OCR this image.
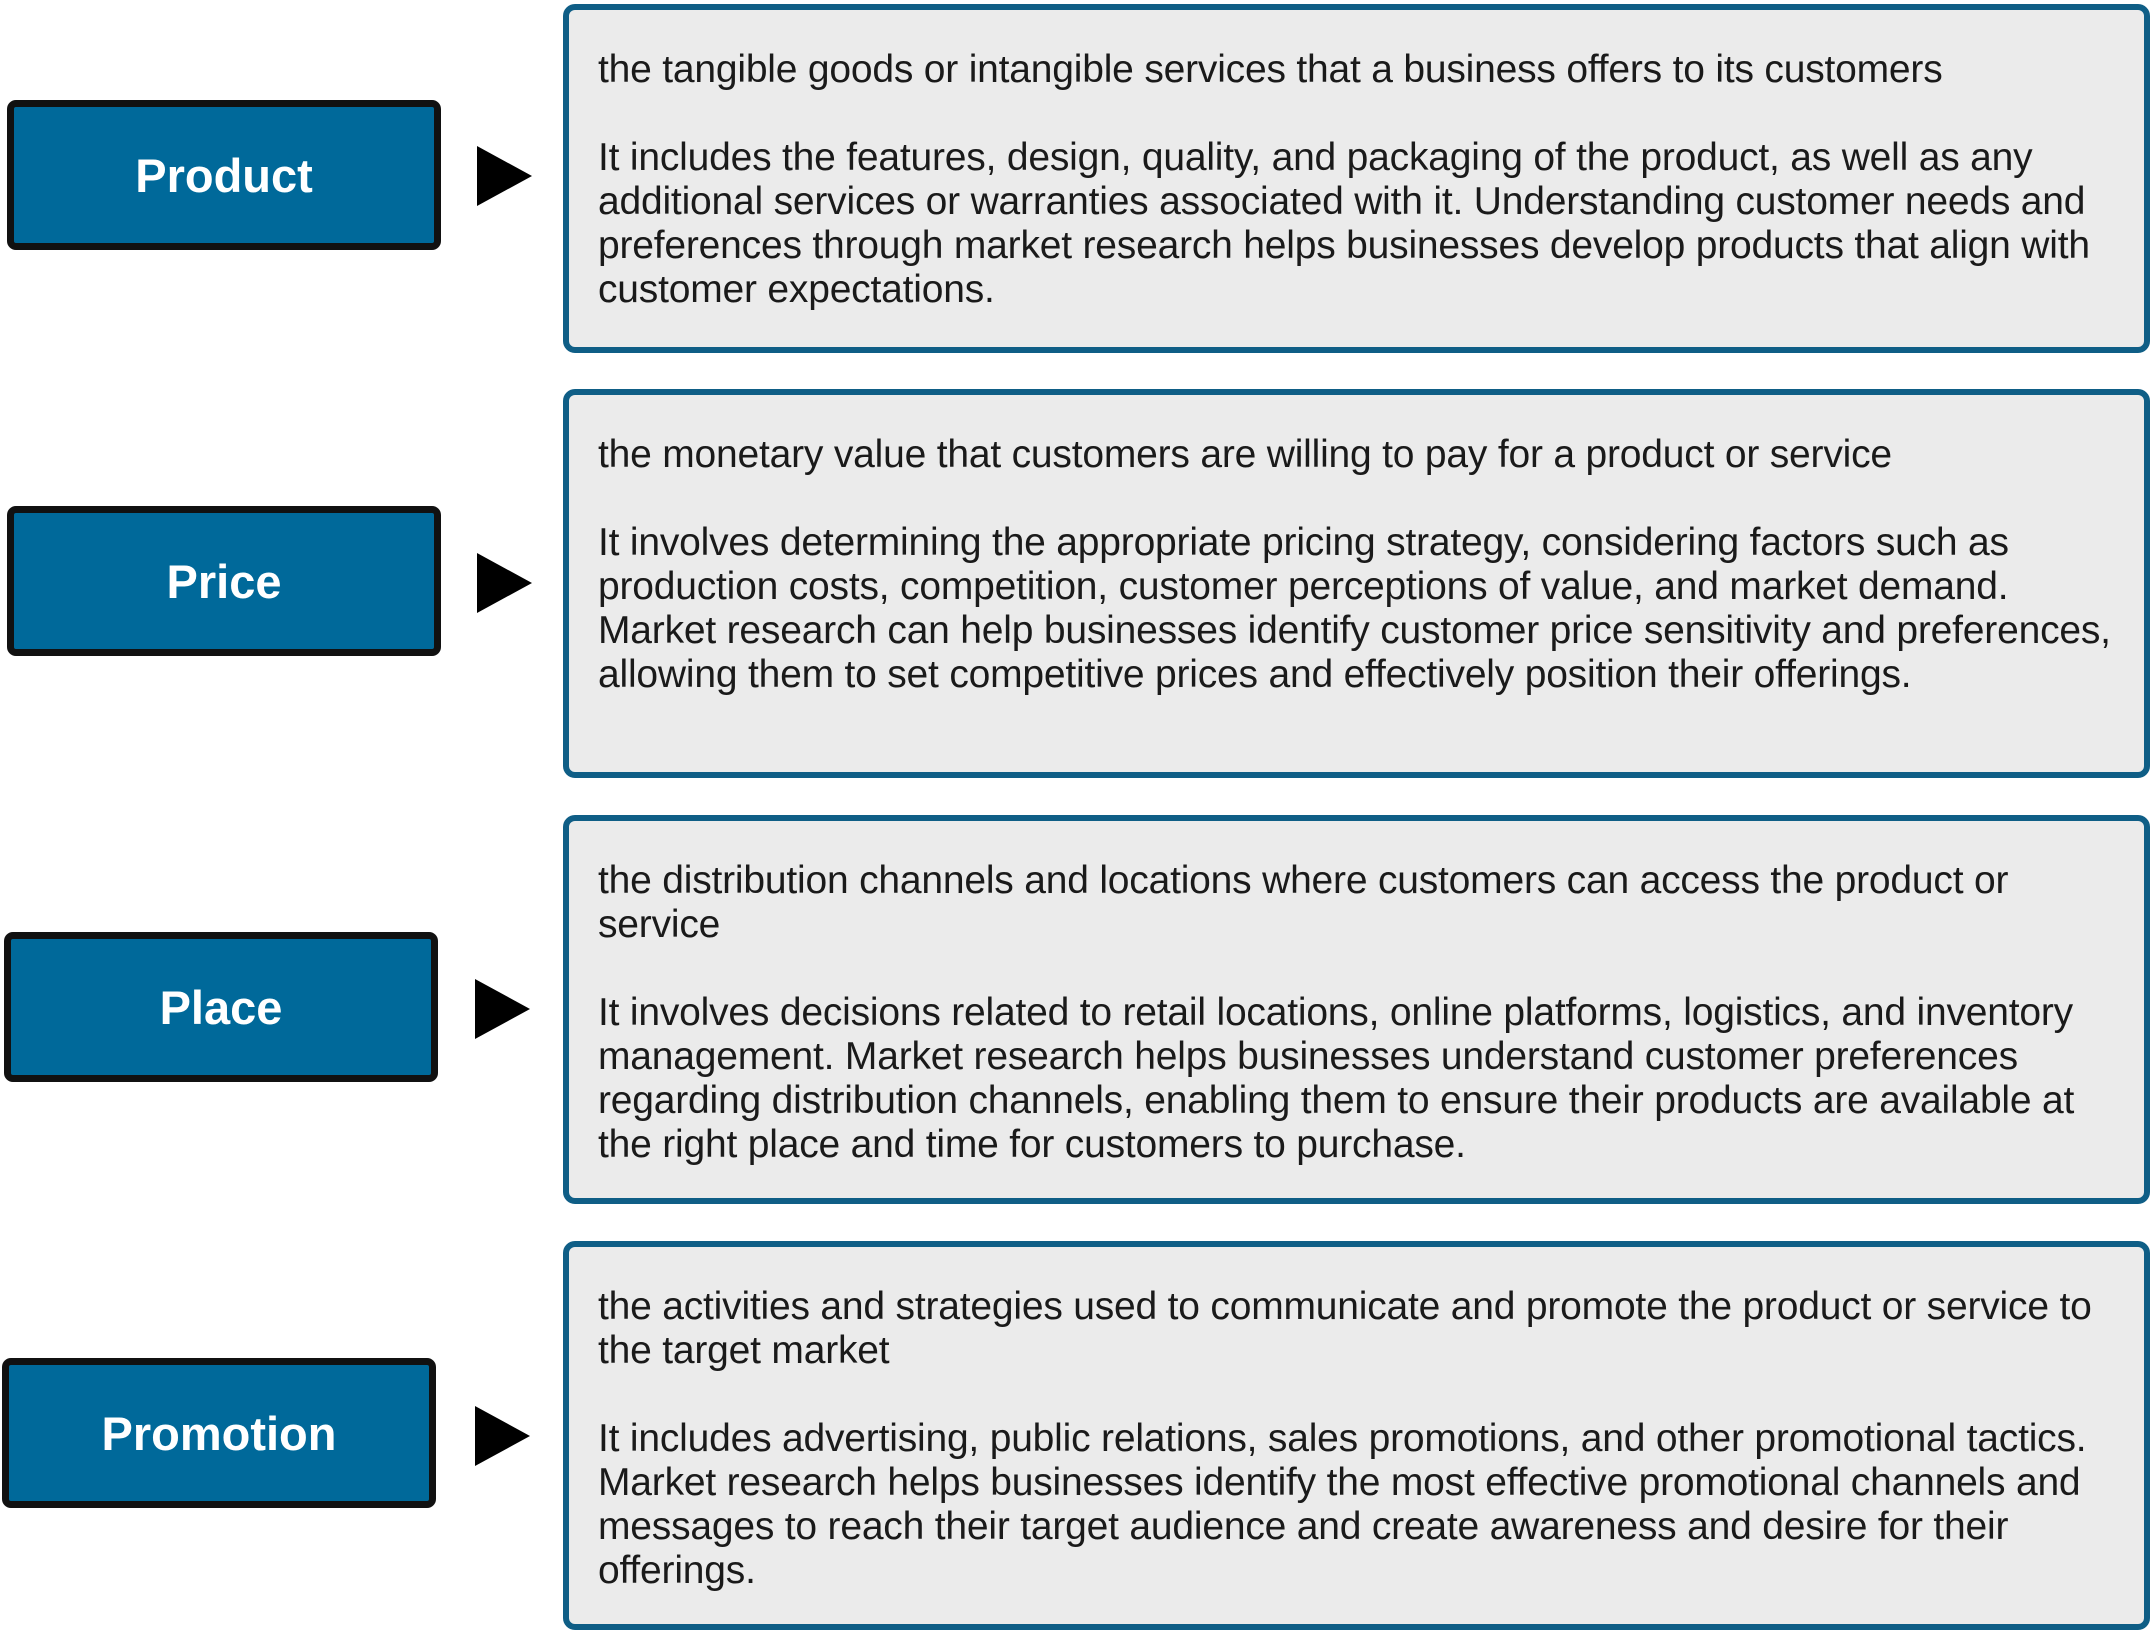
Product

the tangible goods or intangible services that a business offers to its customers

It includes the features, design, quality, and packaging of the product, as well as any additional services or warranties associated with it. Understanding customer needs and preferences through market research helps businesses develop products that align with customer expectations.

Price

the monetary value that customers are willing to pay for a product or service

It involves determining the appropriate pricing strategy, considering factors such as production costs, competition, customer perceptions of value, and market demand. Market research can help businesses identify customer price sensitivity and preferences, allowing them to set competitive prices and effectively position their offerings.

Place

the distribution channels and locations where customers can access the product or service

It involves decisions related to retail locations, online platforms, logistics, and inventory management. Market research helps businesses understand customer preferences regarding distribution channels, enabling them to ensure their products are available at the right place and time for customers to purchase.

Promotion

the activities and strategies used to communicate and promote the product or service to the target market

It includes advertising, public relations, sales promotions, and other promotional tactics. Market research helps businesses identify the most effective promotional channels and messages to reach their target audience and create awareness and desire for their offerings.
